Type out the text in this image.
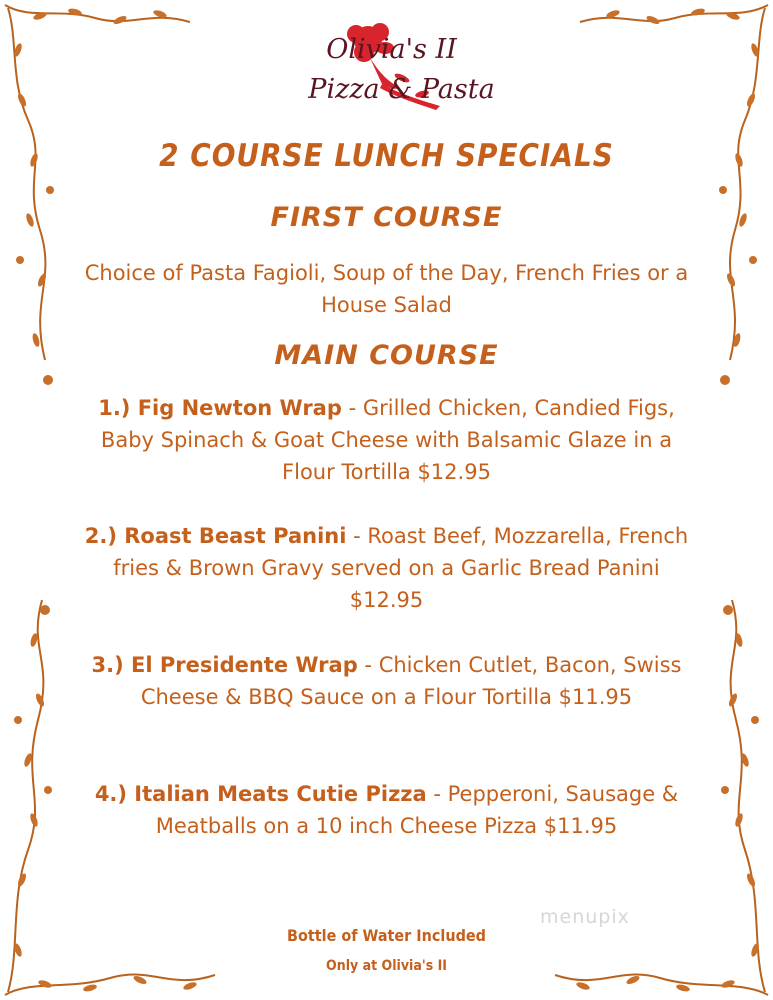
Olivia's II
Pizza & Pasta
2 COURSE LUNCH SPECIALS
FIRST COURSE
Choice of Pasta Fagioli, Soup of the Day, French Fries or a House Salad
MAIN COURSE
1.) Fig Newton Wrap - Grilled Chicken, Candied Figs, Baby Spinach & Goat Cheese with Balsamic Glaze in a Flour Tortilla $12.95
2.) Roast Beast Panini - Roast Beef, Mozzarella, French fries & Brown Gravy served on a Garlic Bread Panini $12.95
3.) El Presidente Wrap - Chicken Cutlet, Bacon, Swiss Cheese & BBQ Sauce on a Flour Tortilla $11.95
4.) Italian Meats Cutie Pizza - Pepperoni, Sausage & Meatballs on a 10 inch Cheese Pizza $11.95
Bottle of Water Included
Only at Olivia's II
menupix
